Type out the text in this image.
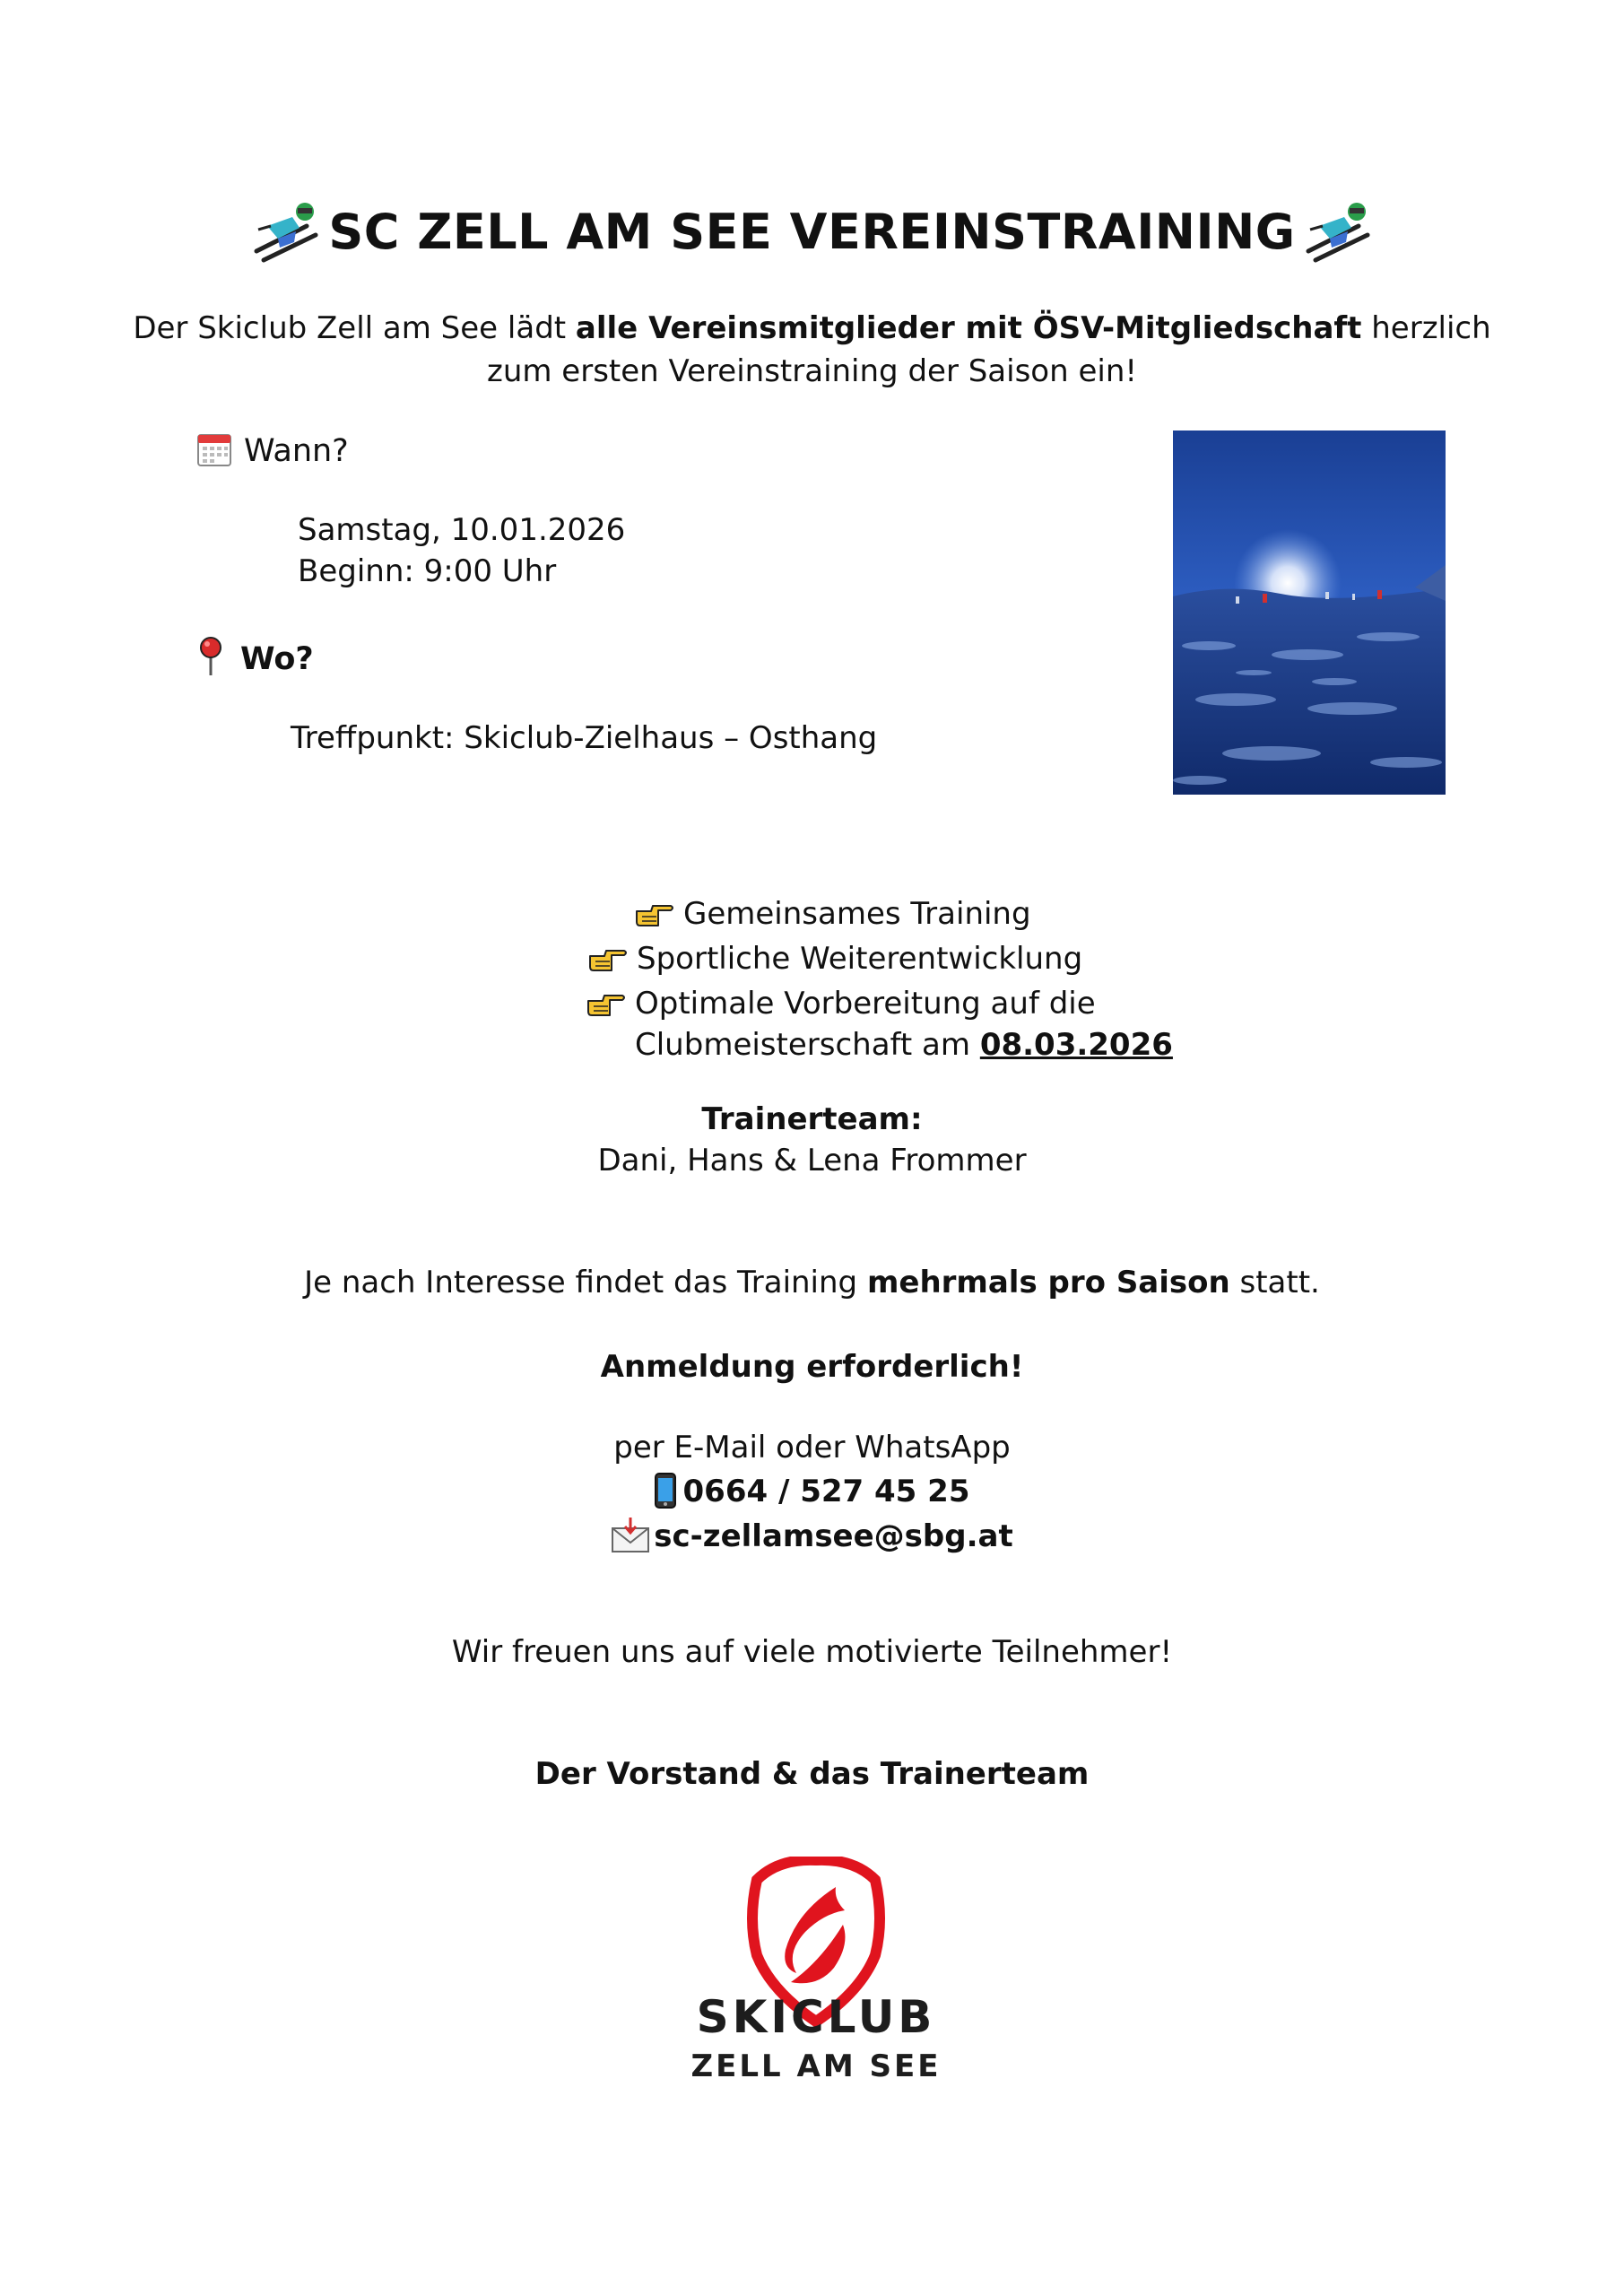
SC ZELL AM SEE VEREINSTRAINING
Der Skiclub Zell am See lädt alle Vereinsmitglieder mit ÖSV-Mitgliedschaft herzlich
zum ersten Vereinstraining der Saison ein!
Wann?
Samstag, 10.01.2026
Beginn: 9:00 Uhr
Wo?
Treffpunkt: Skiclub-Zielhaus – Osthang
Gemeinsames Training
Sportliche Weiterentwicklung
Optimale Vorbereitung auf die
Clubmeisterschaft am 08.03.2026
Trainerteam:
Dani, Hans & Lena Frommer
Je nach Interesse findet das Training mehrmals pro Saison statt.
Anmeldung erforderlich!
per E-Mail oder WhatsApp
0664 / 527 45 25
sc-zellamsee@sbg.at
Wir freuen uns auf viele motivierte Teilnehmer!
Der Vorstand & das Trainerteam
SKICLUB
ZELL AM SEE
